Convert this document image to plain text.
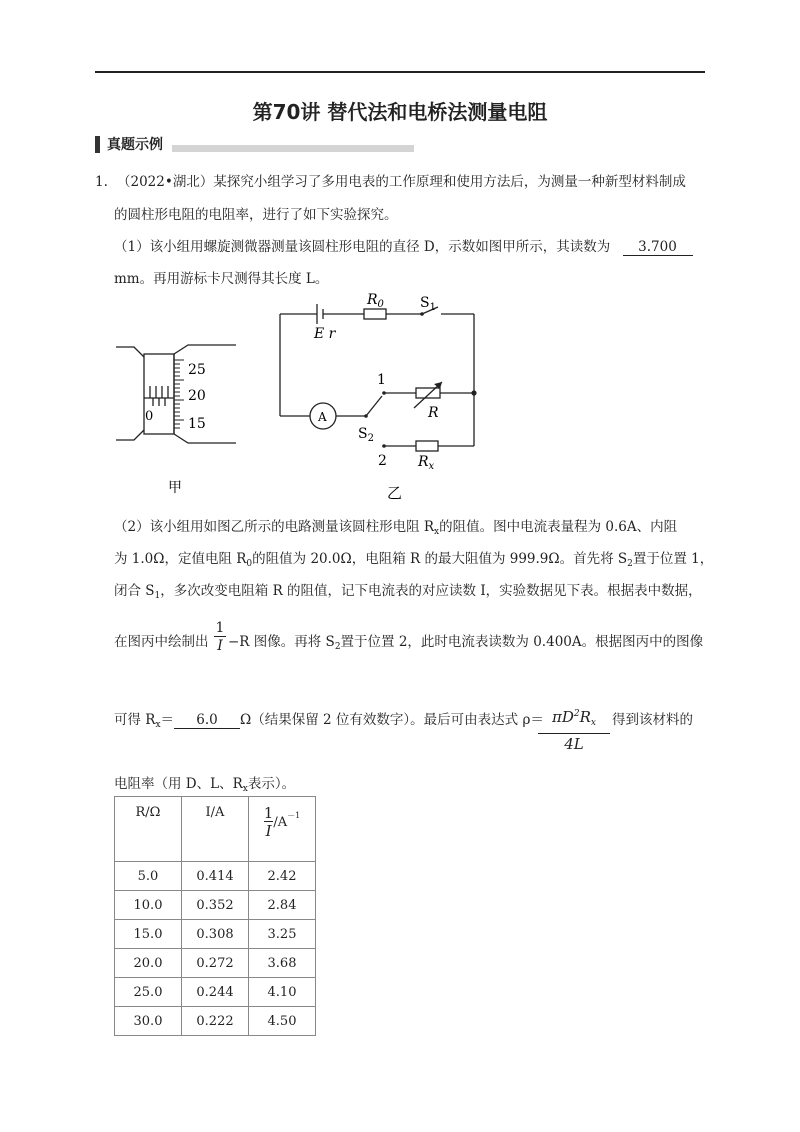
第70讲 替代法和电桥法测量电阻
真题示例
1. （2022•湖北）某探究小组学习了多用电表的工作原理和使用方法后，为测量一种新型材料制成
的圆柱形电阻的电阻率，进行了如下实验探究。
（1）该小组用螺旋测微器测量该圆柱形电阻的直径 D，示数如图甲所示，其读数为 3.700
mm。再用游标卡尺测得其长度 L。
25
20
15
0
甲
E r
$R_0$	$S_1$
A
1
R
$S_2$
2 $R_x$
乙
（2）该小组用如图乙所示的电路测量该圆柱形电阻 $R_x$的阻值。图中电流表量程为 0.6A、内阻
为 1.0Ω，定值电阻 $R_0$的阻值为 20.0Ω，电阻箱 R 的最大阻值为 999.9Ω。首先将 $S_2$置于位置 1，
闭合 $S_1$，多次改变电阻箱 R 的阻值，记下电流表的对应读数 I，实验数据见下表。根据表中数据，
在图丙中绘制出 $\frac{1}{I} -R$ 图像。再将 $S_2$置于位置 2，此时电流表读数为 0.400A。根据图丙中的图像
可得 $R_x= 6.0$ Ω（结果保留 2 位有效数字）。最后可由表达式 ρ＝
$\frac{\pi D^2R_x}{4L}$ 得到该材料的
电阻率（用 D、L、$R_x$表示）。
R/Ω	I/A	$\frac{1}{I} /A-1$
5.0	0.414	2.42
10.0	0.352	2.84
15.0	0.308	3.25
20.0	0.272	3.68
25.0	0.244	4.10
30.0	0.222	4.50
